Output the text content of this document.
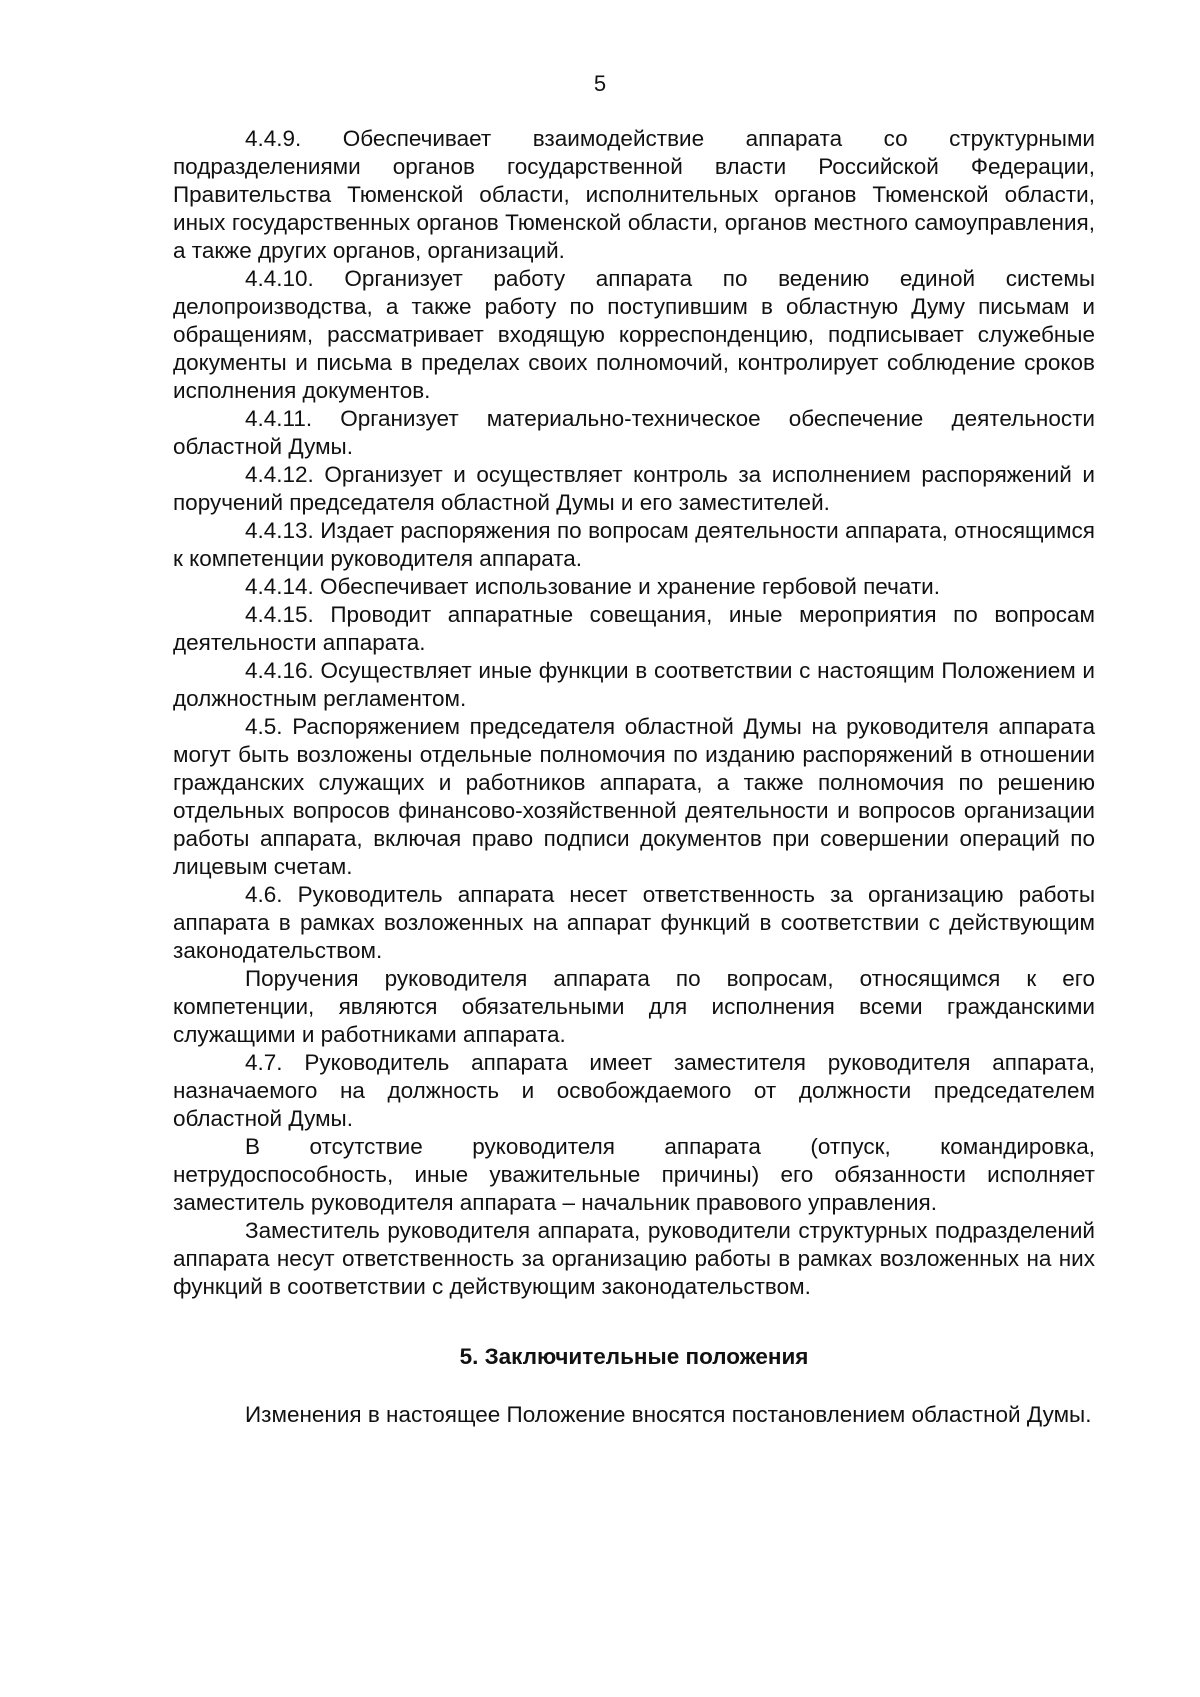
5

4.4.9. Обеспечивает взаимодействие аппарата со структурными подразделениями органов государственной власти Российской Федерации, Правительства Тюменской области, исполнительных органов Тюменской области, иных государственных органов Тюменской области, органов местного самоуправления, а также других органов, организаций.

4.4.10. Организует работу аппарата по ведению единой системы делопроизводства, а также работу по поступившим в областную Думу письмам и обращениям, рассматривает входящую корреспонденцию, подписывает служебные документы и письма в пределах своих полномочий, контролирует соблюдение сроков исполнения документов.

4.4.11. Организует материально-техническое обеспечение деятельности областной Думы.

4.4.12. Организует и осуществляет контроль за исполнением распоряжений и поручений председателя областной Думы и его заместителей.

4.4.13. Издает распоряжения по вопросам деятельности аппарата, относящимся к компетенции руководителя аппарата.

4.4.14. Обеспечивает использование и хранение гербовой печати.

4.4.15. Проводит аппаратные совещания, иные мероприятия по вопросам деятельности аппарата.

4.4.16. Осуществляет иные функции в соответствии с настоящим Положением и должностным регламентом.

4.5. Распоряжением председателя областной Думы на руководителя аппарата могут быть возложены отдельные полномочия по изданию распоряжений в отношении гражданских служащих и работников аппарата, а также полномочия по решению отдельных вопросов финансово-хозяйственной деятельности и вопросов организации работы аппарата, включая право подписи документов при совершении операций по лицевым счетам.

4.6. Руководитель аппарата несет ответственность за организацию работы аппарата в рамках возложенных на аппарат функций в соответствии с действующим законодательством.

Поручения руководителя аппарата по вопросам, относящимся к его компетенции, являются обязательными для исполнения всеми гражданскими служащими и работниками аппарата.

4.7. Руководитель аппарата имеет заместителя руководителя аппарата, назначаемого на должность и освобождаемого от должности председателем областной Думы.

В отсутствие руководителя аппарата (отпуск, командировка, нетрудоспособность, иные уважительные причины) его обязанности исполняет заместитель руководителя аппарата – начальник правового управления.

Заместитель руководителя аппарата, руководители структурных подразделений аппарата несут ответственность за организацию работы в рамках возложенных на них функций в соответствии с действующим законодательством.

5. Заключительные положения

Изменения в настоящее Положение вносятся постановлением областной Думы.
